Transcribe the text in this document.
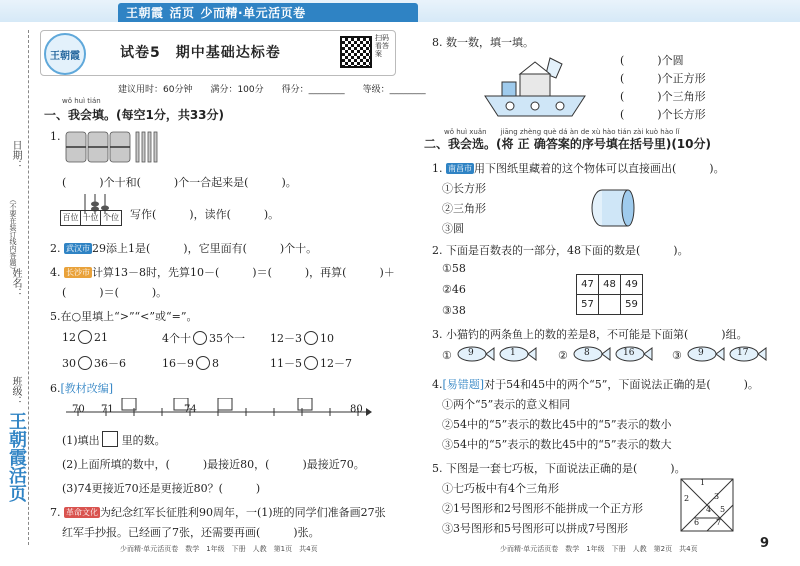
王朝霞 活页 少而精·单元活页卷
日期：
（不要在装订线内答题）
姓名：
班级：
王朝霞活页
王朝霞	试卷5　期中基础达标卷
扫码看答案
建议用时：60分钟　　满分：100分　　得分：________　　等级：________
wǒ huì tián
一、我会填。(每空1分，共33分)
1.
(　　　)个十和(　　　)个一合起来是(　　　)。
百位 十位 个位 写作(　　　)，读作(　　　)。
2. 武汉市 29添上1是(　　　)，它里面有(　　　)个十。
4. 长沙市 计算13－8时，先算10－(　　　)＝(　　　)，再算(　　　)＋
(　　　)＝(　　　)。
5.在○里填上“>”“<”或“=”。
12 21	4个十 35个一 12－3 10
30 36－6	16－9 8	11－5 12－7
6.[教材改编]
70 71	74	80
(1)填出　　里的数。
(2)上面所填的数中，(　　　)最接近80，(　　　)最接近70。
(3)74更接近70还是更接近80？(　　　)
7. 革命文化 为纪念红军长征胜利90周年，一(1)班的同学们准备画27张
红军手抄报。已经画了7张，还需要再画(　　　)张。
少而精·单元活页卷　数学　1年级　下册　人教　第1页　共4页
8. 数一数，填一填。
(　　　)个圆
(　　　)个正方形
(　　　)个三角形
(　　　)个长方形
wǒ huì xuǎn　　jiāng zhèng què dá àn de xù hào tián zài kuò hào lǐ
二、我会选。(将 正 确答案的序号填在括号里)(10分)
1. 南昌市 用下图纸里藏着的这个物体可以直接画出(　　　)。
①长方形
②三角形
③圆
2. 下面是百数表的一部分，48下面的数是(　　　)。
①58
②46
③38
47	48	49
57		59
3. 小猫钓的两条鱼上的数的差是8，不可能是下面第(　　　)组。
①	②	③
9	1	8	16	9	17
4.[易错题]对于54和45中的两个“5”，下面说法正确的是(　　　)。
①两个“5”表示的意义相同
②54中的“5”表示的数比45中的“5”表示的数小
③54中的“5”表示的数比45中的“5”表示的数大
5. 下图是一套七巧板，下面说法正确的是(　　　)。
①七巧板中有4个三角形
②1号图形和2号图形不能拼成一个正方形
③3号图形和5号图形可以拼成7号图形
1
2	3
4 5
6 7
少而精·单元活页卷　数学　1年级　下册　人教　第2页　共4页	9
